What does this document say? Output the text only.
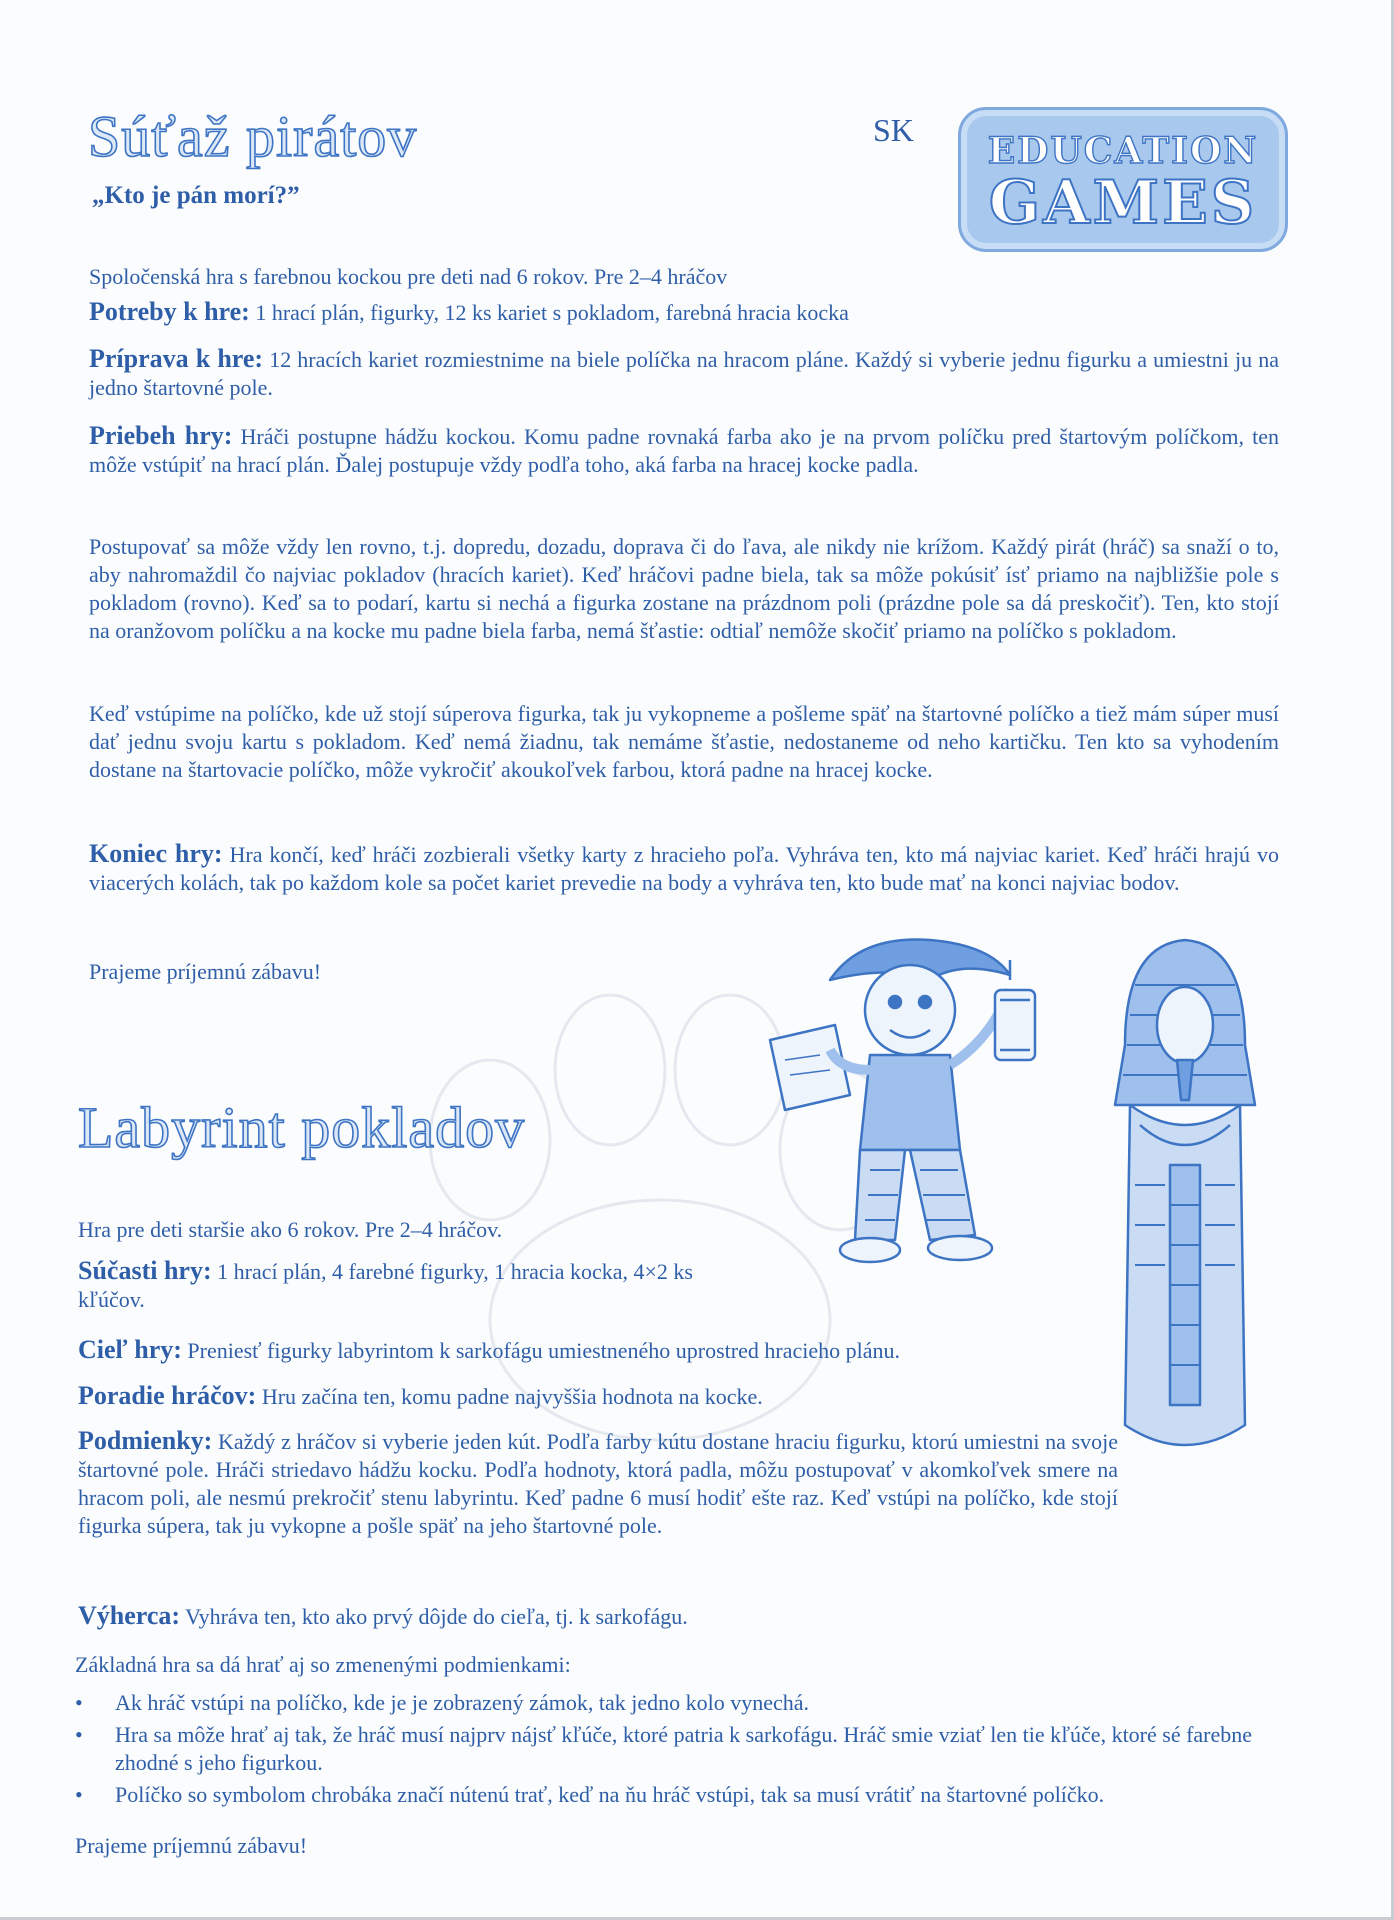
Súťaž pirátov
„Kto je pán morí?”
SK	EDUCATION
GAMES

Spoločenská hra s farebnou kockou pre deti nad 6 rokov. Pre 2–4 hráčov

Potreby k hre: 1 hrací plán, figurky, 12 ks kariet s pokladom, farebná hracia kocka

Príprava k hre: 12 hracích kariet rozmiestnime na biele políčka na hracom pláne. Každý si vyberie jednu figurku a umiestni ju na jedno štartovné pole.

Priebeh hry: Hráči postupne hádžu kockou. Komu padne rovnaká farba ako je na prvom políčku pred štartovým políčkom, ten môže vstúpiť na hrací plán. Ďalej postupuje vždy podľa toho, aká farba na hracej kocke padla.

Postupovať sa môže vždy len rovno, t.j. dopredu, dozadu, doprava či do ľava, ale nikdy nie krížom. Každý pirát (hráč) sa snaží o to, aby nahromaždil čo najviac pokladov (hracích kariet). Keď hráčovi padne biela, tak sa môže pokúsiť ísť priamo na najbližšie pole s pokladom (rovno). Keď sa to podarí, kartu si nechá a figurka zostane na prázdnom poli (prázdne pole sa dá preskočiť). Ten, kto stojí na oranžovom políčku a na kocke mu padne biela farba, nemá šťastie: odtiaľ nemôže skočiť priamo na políčko s pokladom.

Keď vstúpime na políčko, kde už stojí súperova figurka, tak ju vykopneme a pošleme späť na štartovné políčko a tiež mám súper musí dať jednu svoju kartu s pokladom. Keď nemá žiadnu, tak nemáme šťastie, nedostaneme od neho kartičku. Ten kto sa vyhodením dostane na štartovacie políčko, môže vykročiť akoukoľvek farbou, ktorá padne na hracej kocke.

Koniec hry: Hra končí, keď hráči zozbierali všetky karty z hracieho poľa. Vyhráva ten, kto má najviac kariet. Keď hráči hrajú vo viacerých kolách, tak po každom kole sa počet kariet prevedie na body a vyhráva ten, kto bude mať na konci najviac bodov.

Prajeme príjemnú zábavu!

Labyrint pokladov

Hra pre deti staršie ako 6 rokov. Pre 2–4 hráčov.

Súčasti hry: 1 hrací plán, 4 farebné figurky, 1 hracia kocka, 4×2 ks kľúčov.

Cieľ hry: Preniesť figurky labyrintom k sarkofágu umiestneného uprostred hracieho plánu.

Poradie hráčov: Hru začína ten, komu padne najvyššia hodnota na kocke.

Podmienky: Každý z hráčov si vyberie jeden kút. Podľa farby kútu dostane hraciu figurku, ktorú umiestni na svoje štartovné pole. Hráči striedavo hádžu kocku. Podľa hodnoty, ktorá padla, môžu postupovať v akomkoľvek smere na hracom poli, ale nesmú prekročiť stenu labyrintu. Keď padne 6 musí hodiť ešte raz. Keď vstúpi na políčko, kde stojí figurka súpera, tak ju vykopne a pošle späť na jeho štartovné pole.

Výherca: Vyhráva ten, kto ako prvý dôjde do cieľa, tj. k sarkofágu.

Základná hra sa dá hrať aj so zmenenými podmienkami:

• Ak hráč vstúpi na políčko, kde je je zobrazený zámok, tak jedno kolo vynechá.
• Hra sa môže hrať aj tak, že hráč musí najprv nájsť kľúče, ktoré patria k sarkofágu. Hráč smie vziať len tie kľúče, ktoré sé farebne zhodné s jeho figurkou.
• Políčko so symbolom chrobáka značí nútenú trať, keď na ňu hráč vstúpi, tak sa musí vrátiť na štartovné políčko.

Prajeme príjemnú zábavu!
